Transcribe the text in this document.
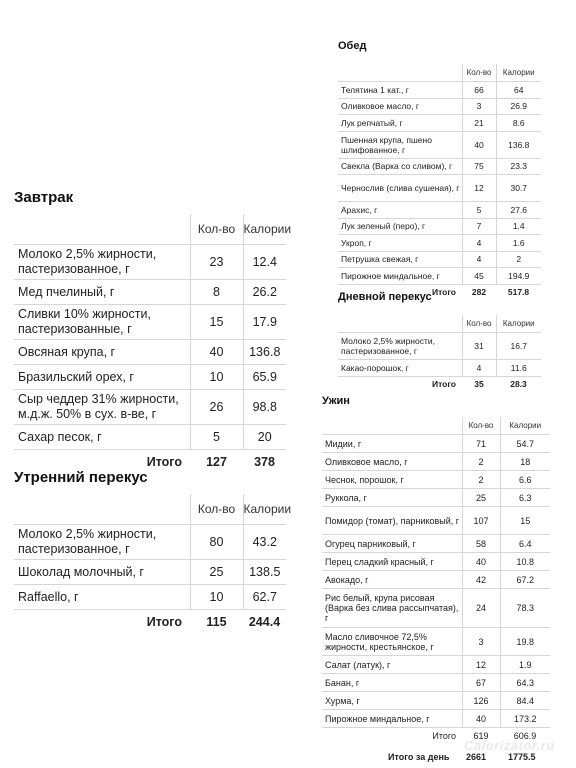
Завтрак
	Кол-во	Калории
Молоко 2,5% жирности, пастеризованное, г	23	12.4
Мед пчелиный, г	8	26.2
Сливки 10% жирности, пастеризованные, г	15	17.9
Овсяная крупа, г	40	136.8
Бразильский орех, г	10	65.9
Сыр чеддер 31% жирности, м.д.ж. 50% в сух. в-ве, г	26	98.8
Сахар песок, г	5	20
Итого	127	378
Утренний перекус
	Кол-во	Калории
Молоко 2,5% жирности, пастеризованное, г	80	43.2
Шоколад молочный, г	25	138.5
Raffaello, г	10	62.7
Итого	115	244.4
Обед
	Кол-во	Калории
Телятина 1 кат., г	66	64
Оливковое масло, г	3	26.9
Лук репчатый, г	21	8.6
Пшенная крупа, пшено шлифованное, г	40	136.8
Свекла (Варка со сливом), г	75	23.3
Чернослив (слива сушеная), г	12	30.7
Арахис, г	5	27.6
Лук зеленый (перо), г	7	1.4
Укроп, г	4	1.6
Петрушка свежая, г	4	2
Пирожное миндальное, г	45	194.9
Итого	282	517.8
Дневной перекус
	Кол-во	Калории
Молоко 2,5% жирности, пастеризованное, г	31	16.7
Какао-порошок, г	4	11.6
Итого	35	28.3
Ужин
	Кол-во	Калории
Мидии, г	71	54.7
Оливковое масло, г	2	18
Чеснок, порошок, г	2	6.6
Руккола, г	25	6.3
Помидор (томат), парниковый, г	107	15
Огурец парниковый, г	58	6.4
Перец сладкий красный, г	40	10.8
Авокадо, г	42	67.2
Рис белый, крупа рисовая (Варка без слива рассыпчатая), г	24	78.3
Масло сливочное 72,5% жирности, крестьянское, г	3	19.8
Салат (латук), г	12	1.9
Банан, г	67	64.3
Хурма, г	126	84.4
Пирожное миндальное, г	40	173.2
Итого	619	606.9
Итого за день 2661 1775.5
Calorizator.ru
